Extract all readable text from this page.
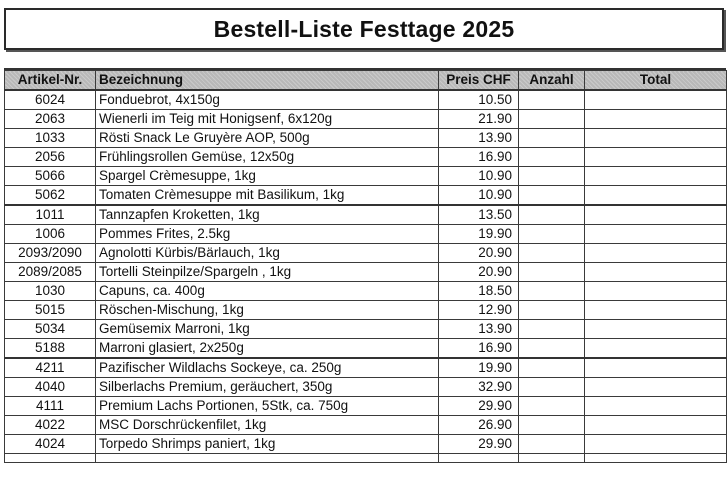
Bestell-Liste Festtage 2025
Artikel-Nr.	Bezeichnung	Preis CHF	Anzahl	Total
6024	Fonduebrot, 4x150g	10.50		
2063	Wienerli im Teig mit Honigsenf, 6x120g	21.90		
1033	Rösti Snack Le Gruyère AOP, 500g	13.90		
2056	Frühlingsrollen Gemüse, 12x50g	16.90		
5066	Spargel Crèmesuppe, 1kg	10.90		
5062	Tomaten Crèmesuppe mit Basilikum, 1kg	10.90		
1011	Tannzapfen Kroketten, 1kg	13.50		
1006	Pommes Frites, 2.5kg	19.90		
2093/2090	Agnolotti Kürbis/Bärlauch, 1kg	20.90		
2089/2085	Tortelli Steinpilze/Spargeln , 1kg	20.90		
1030	Capuns, ca. 400g	18.50		
5015	Röschen-Mischung, 1kg	12.90		
5034	Gemüsemix Marroni, 1kg	13.90		
5188	Marroni glasiert, 2x250g	16.90		
4211	Pazifischer Wildlachs Sockeye, ca. 250g	19.90		
4040	Silberlachs Premium, geräuchert, 350g	32.90		
4111	Premium Lachs Portionen, 5Stk, ca. 750g	29.90		
4022	MSC Dorschrückenfilet, 1kg	26.90		
4024	Torpedo Shrimps paniert, 1kg	29.90		
